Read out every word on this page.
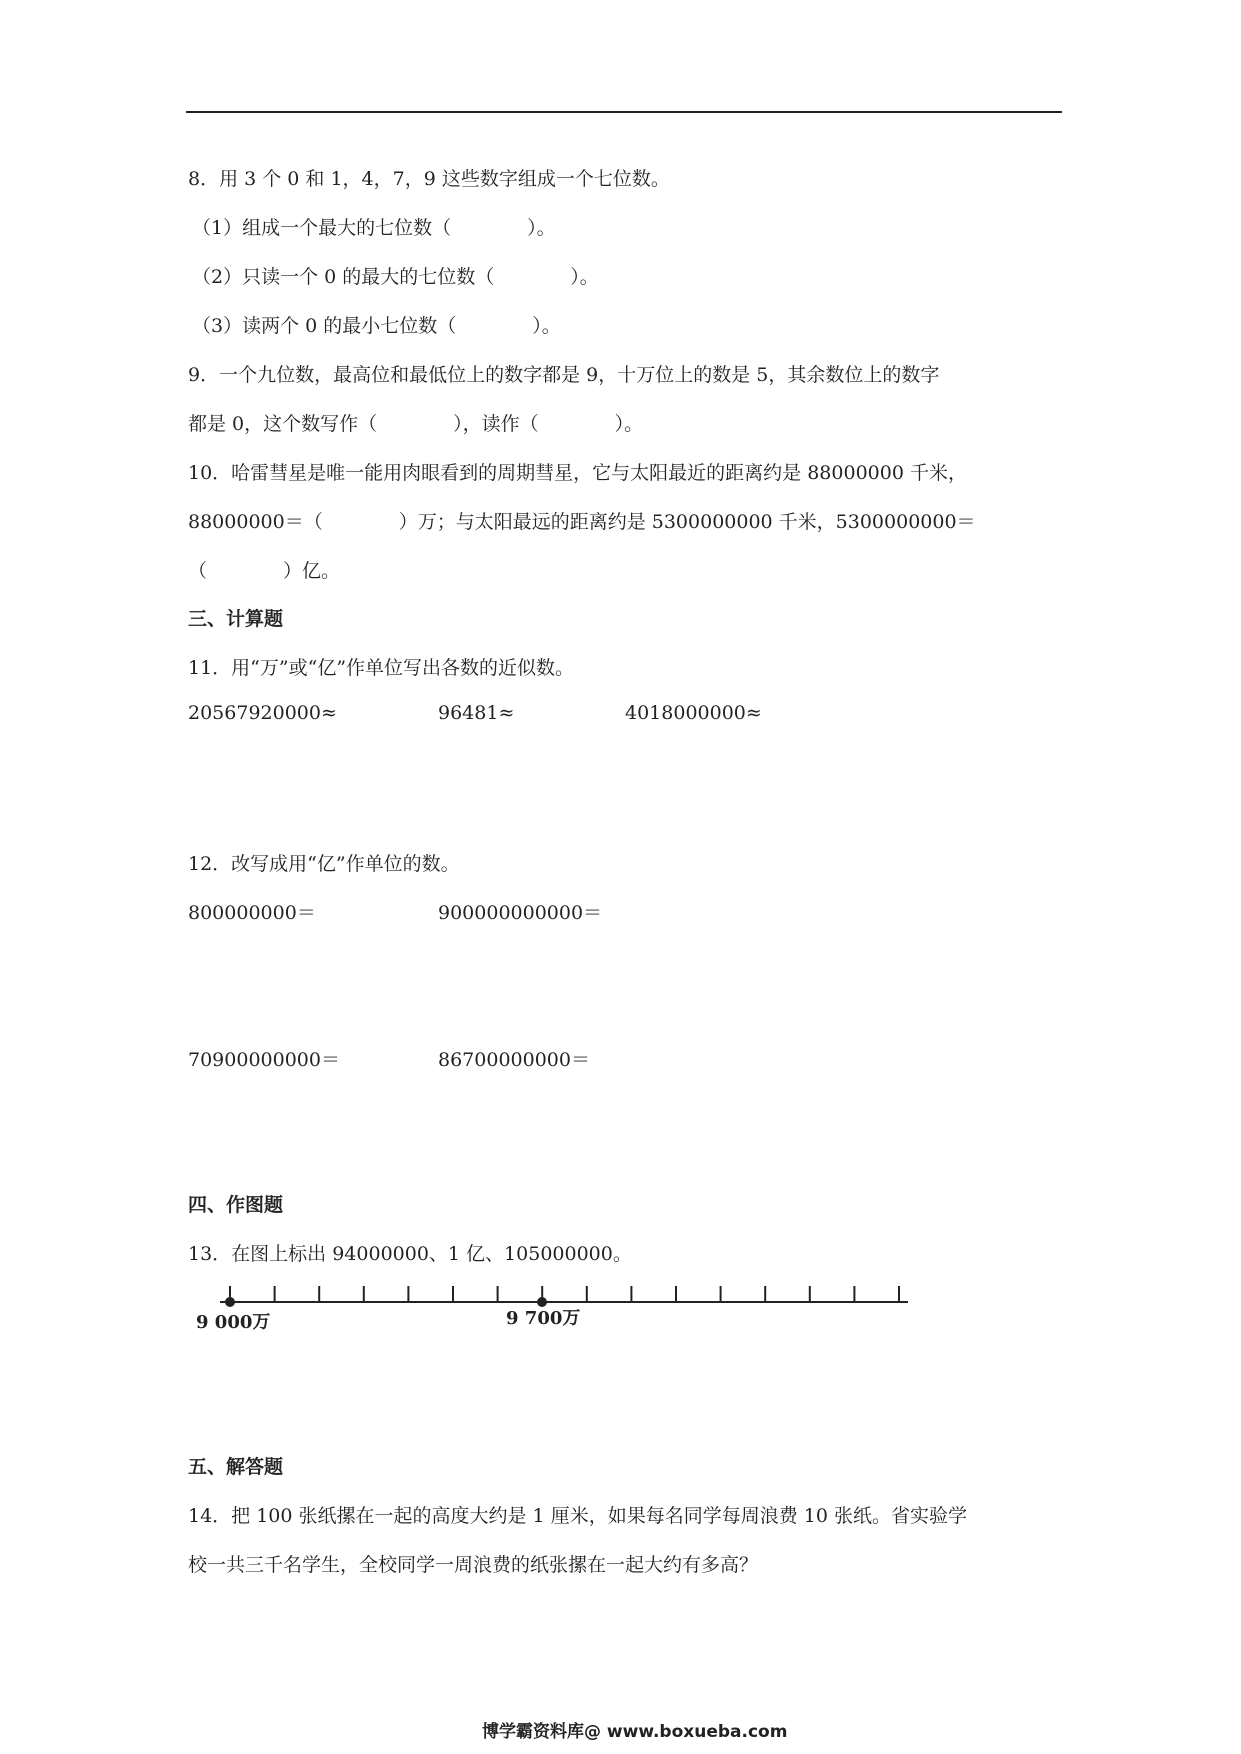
8．用 3 个 0 和 1，4，7，9 这些数字组成一个七位数。
（1）组成一个最大的七位数（　　　　）。
（2）只读一个 0 的最大的七位数（　　　　）。
（3）读两个 0 的最小七位数（　　　　）。
9．一个九位数，最高位和最低位上的数字都是 9，十万位上的数是 5，其余数位上的数字
都是 0，这个数写作（　　　　），读作（　　　　）。
10．哈雷彗星是唯一能用肉眼看到的周期彗星，它与太阳最近的距离约是 88000000 千米，
88000000＝（　　　　）万；与太阳最远的距离约是 5300000000 千米，5300000000＝
（　　　　）亿。
三、计算题
11．用“万”或“亿”作单位写出各数的近似数。
20567920000≈	96481≈	4018000000≈
12．改写成用“亿”作单位的数。
800000000＝	900000000000＝
70900000000＝	86700000000＝
四、作图题
13．在图上标出 94000000、1 亿、105000000。
9 000万	9 700万
五、解答题
14．把 100 张纸摞在一起的高度大约是 1 厘米，如果每名同学每周浪费 10 张纸。省实验学
校一共三千名学生，全校同学一周浪费的纸张摞在一起大约有多高？
博学霸资料库@ www.boxueba.com
